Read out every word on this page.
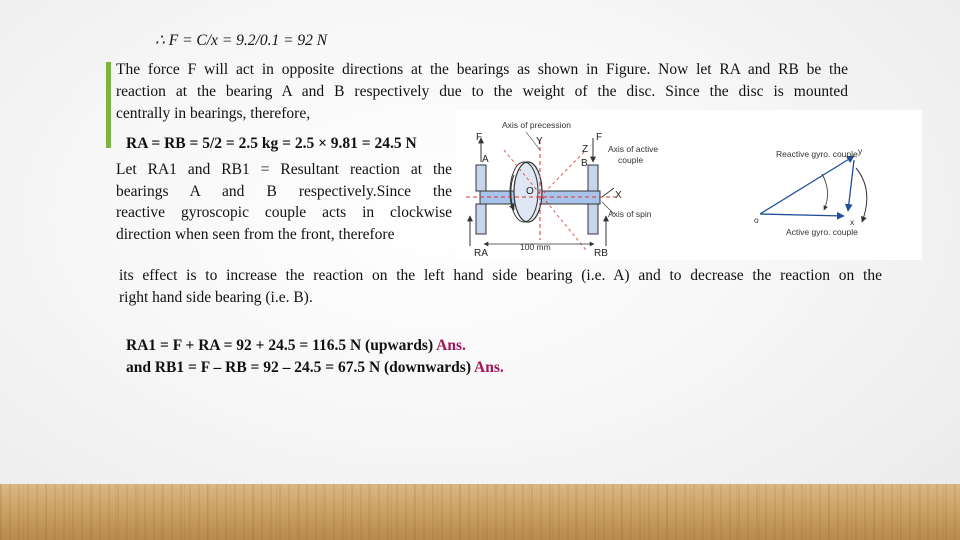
∴ F = C/x = 9.2/0.1 = 92 N
The force F will act in opposite directions at the bearings as shown in Figure. Now let RA and RB be the
reaction at the bearing A and B respectively due to the weight of the disc. Since the disc is mounted
centrally in bearings, therefore,
RA = RB = 5/2 = 2.5 kg = 2.5 × 9.81 = 24.5 N
Let RA1 and RB1 = Resultant reaction at the
bearings A and B respectively.Since the
reactive gyroscopic couple acts in clockwise
direction when seen from the front, therefore
Axis of precession
Axis of active
couple
Axis of spin
100 mm
F	Y
Z
F
A	B
O	X
RA	RB
Reactive gyro. couple
Active gyro. couple
o
y
x
its effect is to increase the reaction on the left hand side bearing (i.e. A) and to decrease the reaction on the
right hand side bearing (i.e. B).
RA1 = F + RA = 92 + 24.5 = 116.5 N (upwards) Ans.
and RB1 = F – RB = 92 – 24.5 = 67.5 N (downwards) Ans.
